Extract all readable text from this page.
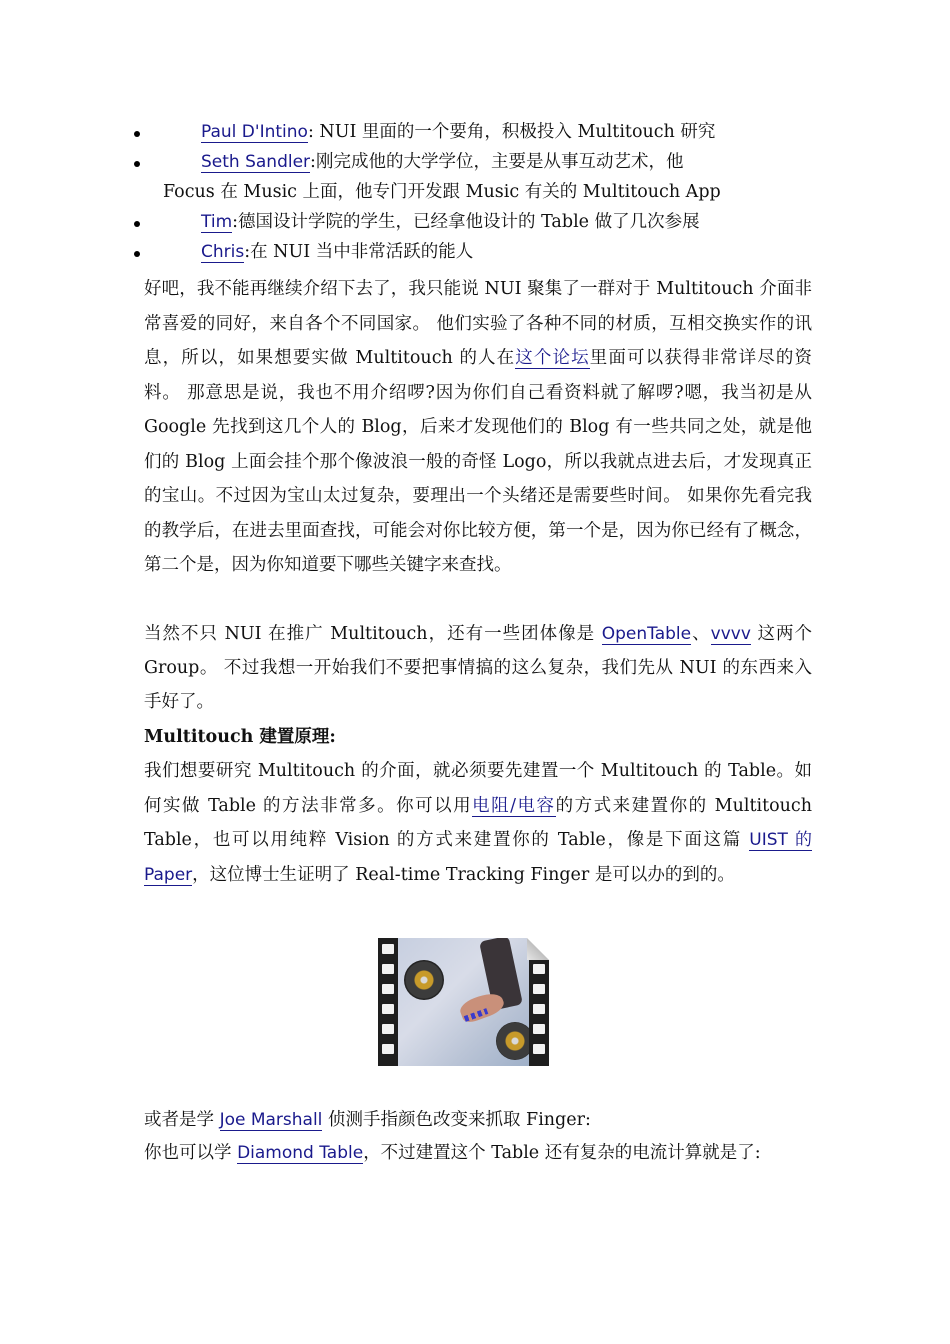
Paul D'Intino: NUI 里面的一个要角，积极投入 Multitouch 研究
Seth Sandler:刚完成他的大学学位，主要是从事互动艺术，他
Focus 在 Music 上面，他专门开发跟 Music 有关的 Multitouch App
Tim:德国设计学院的学生，已经拿他设计的 Table 做了几次参展
Chris:在 NUI 当中非常活跃的能人

好吧，我不能再继续介绍下去了，我只能说 NUI 聚集了一群对于 Multitouch 介面非常喜爱的同好，来自各个不同国家。 他们实验了各种不同的材质，互相交换实作的讯息，所以，如果想要实做 Multitouch 的人在这个论坛里面可以获得非常详尽的资料。 那意思是说，我也不用介绍啰?因为你们自己看资料就了解啰?嗯，我当初是从 Google 先找到这几个人的 Blog，后来才发现他们的 Blog 有一些共同之处，就是他们的 Blog 上面会挂个那个像波浪一般的奇怪 Logo，所以我就点进去后，才发现真正的宝山。不过因为宝山太过复杂，要理出一个头绪还是需要些时间。 如果你先看完我的教学后，在进去里面查找，可能会对你比较方便，第一个是，因为你已经有了概念，第二个是，因为你知道要下哪些关键字来查找。

当然不只 NUI 在推广 Multitouch，还有一些团体像是 OpenTable、vvvv 这两个 Group。 不过我想一开始我们不要把事情搞的这么复杂，我们先从 NUI 的东西来入手好了。

Multitouch 建置原理:

我们想要研究 Multitouch 的介面，就必须要先建置一个 Multitouch 的 Table。如何实做 Table 的方法非常多。你可以用电阻/电容的方式来建置你的 Multitouch Table，也可以用纯粹 Vision 的方式来建置你的 Table，像是下面这篇 UIST 的 Paper，这位博士生证明了 Real-time Tracking Finger 是可以办的到的。

或者是学 Joe Marshall 侦测手指颜色改变来抓取 Finger:

你也可以学 Diamond Table，不过建置这个 Table 还有复杂的电流计算就是了:
